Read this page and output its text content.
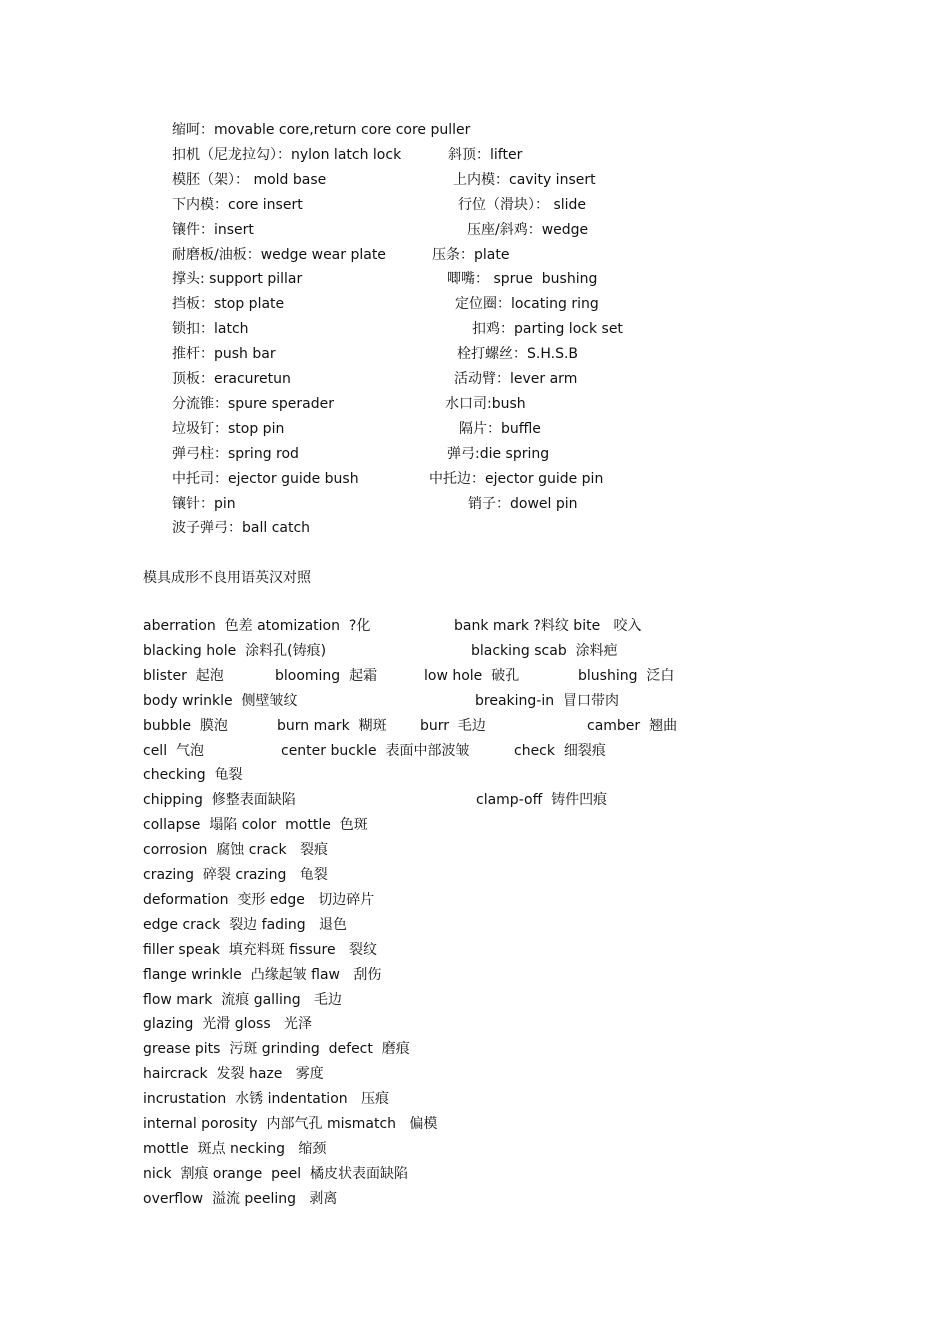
缩呵：movable core,return core core puller
扣机（尼龙拉勾）：nylon latch lock	斜顶：lifter
模胚（架）： mold base	上内模：cavity insert
下内模：core insert	行位（滑块）： slide
镶件：insert	压座/斜鸡：wedge
耐磨板/油板：wedge wear plate	压条：plate
撑头: support pillar	唧嘴： sprue  bushing
挡板：stop plate	定位圈：locating ring
锁扣：latch	扣鸡：parting lock set
推杆：push bar	栓打螺丝：S.H.S.B
顶板：eracuretun	活动臂：lever arm
分流锥：spure sperader	水口司:bush
垃圾钉：stop pin	隔片：buffle
弹弓柱：spring rod	弹弓:die spring
中托司：ejector guide bush	中托边：ejector guide pin
镶针：pin	销子：dowel pin
波子弹弓：ball catch
模具成形不良用语英汉对照
aberration  色差 atomization  ?化	bank mark ?料纹 bite   咬入
blacking hole  涂料孔(铸痕)	blacking scab  涂料疤
blister  起泡	blooming  起霜	low hole  破孔	blushing  泛白
body wrinkle  侧壁皱纹	breaking-in  冒口带肉
bubble  膜泡	burn mark  糊斑 burr  毛边	camber  翘曲
cell  气泡	center buckle  表面中部波皱	check  细裂痕
checking  龟裂
chipping  修整表面缺陷	clamp-off  铸件凹痕
collapse  塌陷 color  mottle  色斑
corrosion  腐蚀 crack   裂痕
crazing  碎裂 crazing   龟裂
deformation  变形 edge   切边碎片
edge crack  裂边 fading   退色
filler speak  填充料斑 fissure   裂纹
flange wrinkle  凸缘起皱 flaw   刮伤
flow mark  流痕 galling   毛边
glazing  光滑 gloss   光泽
grease pits  污斑 grinding  defect  磨痕
haircrack  发裂 haze   雾度
incrustation  水锈 indentation   压痕
internal porosity  内部气孔 mismatch   偏模
mottle  斑点 necking   缩颈
nick  割痕 orange  peel  橘皮状表面缺陷
overflow  溢流 peeling   剥离
